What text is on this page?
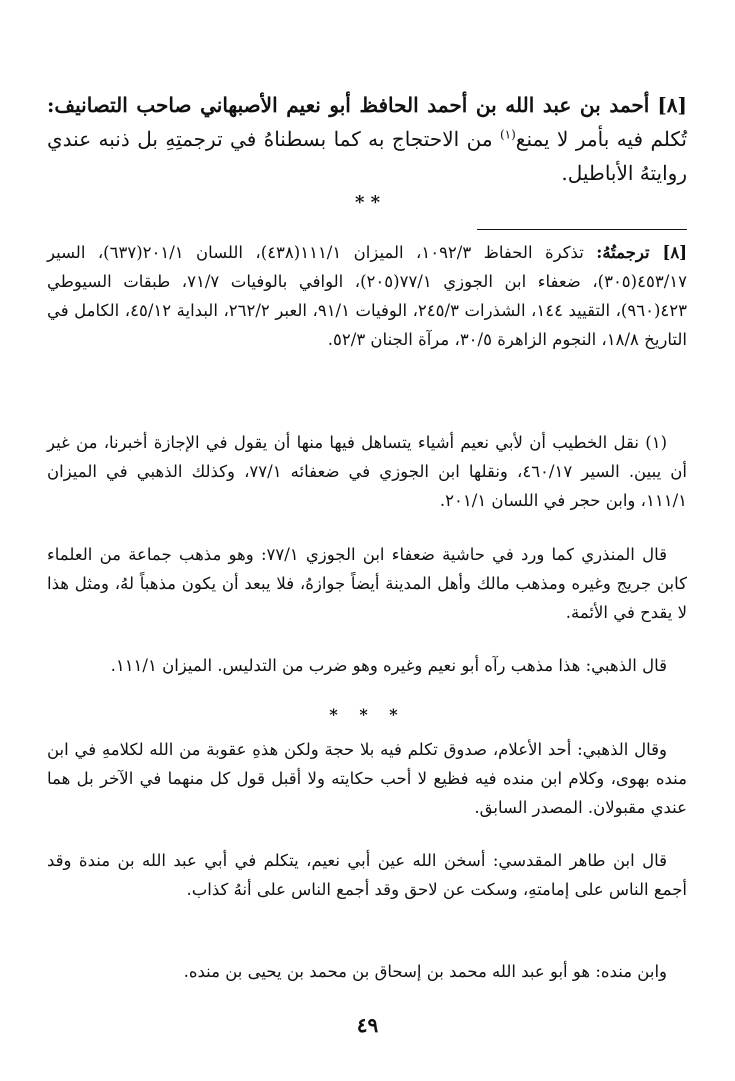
[٨] أحمد بن عبد الله بن أحمد الحافظ أبو نعيم الأصبهاني صاحب التصانيف: تُكلم فيه بأمر لا يمنع$^{(١)}$ من الاحتجاج به كما بسطناهُ في ترجمتِهِ بل ذنبه عندي روايتهُ الأباطيل.
* *
[٨] ترجمتُهُ: تذكرة الحفاظ ١٠٩٢/٣، الميزان ١١١/١(٤٣٨)، اللسان ٢٠١/١(٦٣٧)، السير ٤٥٣/١٧(٣٠٥)، ضعفاء ابن الجوزي ٧٧/١(٢٠٥)، الوافي بالوفيات ٧١/٧، طبقات السيوطي ٤٢٣(٩٦٠)، التقييد ١٤٤، الشذرات ٢٤٥/٣، الوفيات ٩١/١، العبر ٢٦٢/٢، البداية ٤٥/١٢، الكامل في التاريخ ١٨/٨، النجوم الزاهرة ٣٠/٥، مرآة الجنان ٥٢/٣.
(١) نقل الخطيب أن لأبي نعيم أشياء يتساهل فيها منها أن يقول في الإجازة أخبرنا، من غير أن يبين. السير ٤٦٠/١٧، ونقلها ابن الجوزي في ضعفائه ٧٧/١، وكذلك الذهبي في الميزان ١١١/١، وابن حجر في اللسان ٢٠١/١.
قال المنذري كما ورد في حاشية ضعفاء ابن الجوزي ٧٧/١: وهو مذهب جماعة من العلماء كابن جريج وغيره ومذهب مالك وأهل المدينة أيضاً جوازهُ، فلا يبعد أن يكون مذهباً لهُ، ومثل هذا لا يقدح في الأئمة.
قال الذهبي: هذا مذهب رآه أبو نعيم وغيره وهو ضرب من التدليس. الميزان ١١١/١.
* * *
وقال الذهبي: أحد الأعلام، صدوق تكلم فيه بلا حجة ولكن هذهِ عقوبة من الله لكلامهِ في ابن منده بهوى، وكلام ابن منده فيه فظيع لا أحب حكايته ولا أقبل قول كل منهما في الآخر بل هما عندي مقبولان. المصدر السابق.
قال ابن طاهر المقدسي: أسخن الله عين أبي نعيم، يتكلم في أبي عبد الله بن مندة وقد أجمع الناس على إمامتهِ، وسكت عن لاحق وقد أجمع الناس على أنهُ كذاب.
وابن منده: هو أبو عبد الله محمد بن إسحاق بن محمد بن يحيى بن منده.
٤٩
